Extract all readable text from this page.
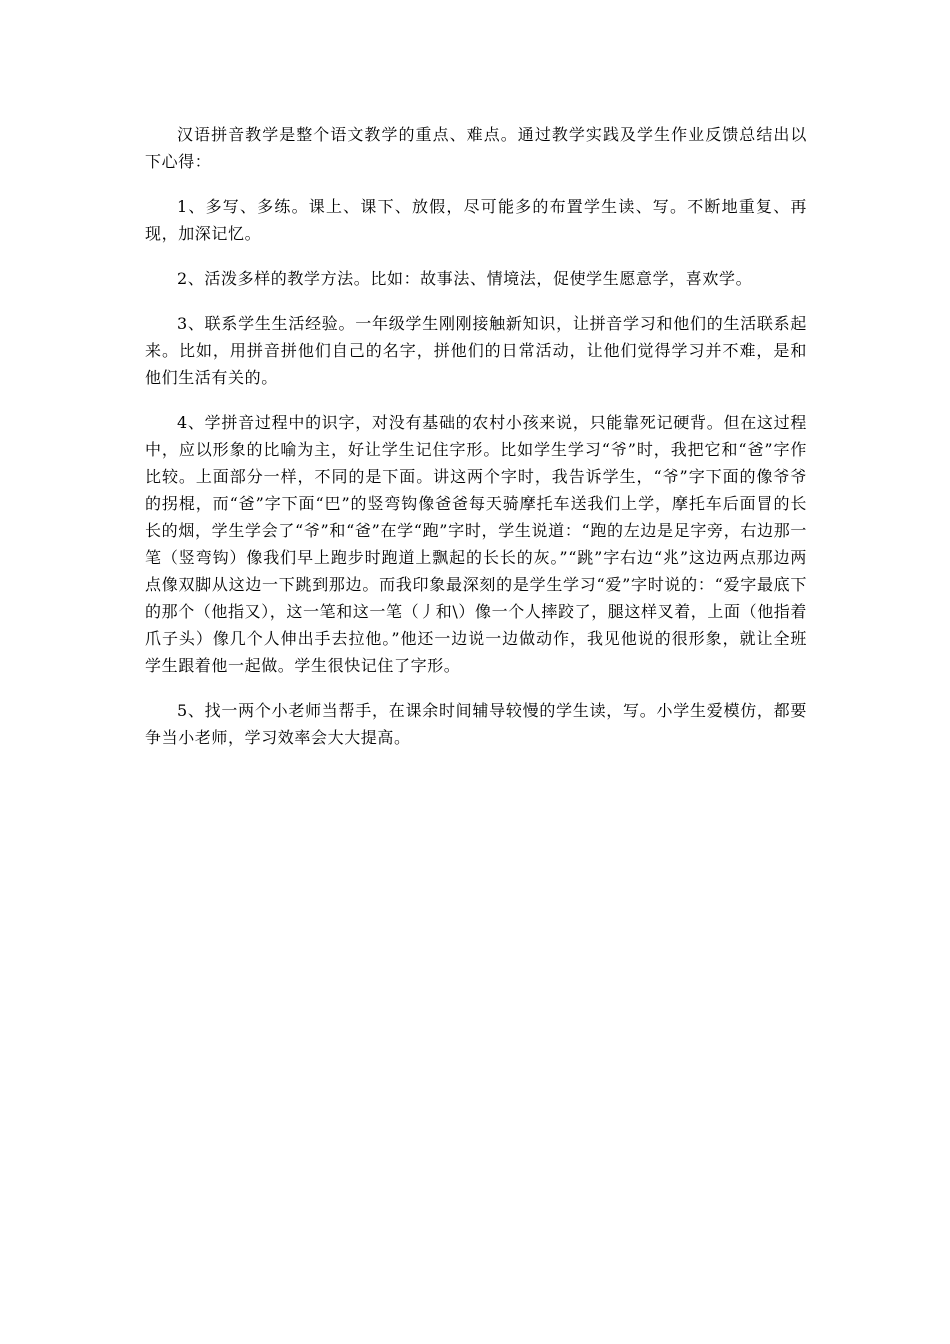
汉语拼音教学是整个语文教学的重点、难点。通过教学实践及学生作业反馈总结出以下心得：

1、多写、多练。课上、课下、放假，尽可能多的布置学生读、写。不断地重复、再现，加深记忆。

2、活泼多样的教学方法。比如：故事法、情境法，促使学生愿意学，喜欢学。

3、联系学生生活经验。一年级学生刚刚接触新知识，让拼音学习和他们的生活联系起来。比如，用拼音拼他们自己的名字，拼他们的日常活动，让他们觉得学习并不难，是和他们生活有关的。

4、学拼音过程中的识字，对没有基础的农村小孩来说，只能靠死记硬背。但在这过程中，应以形象的比喻为主，好让学生记住字形。比如学生学习“爷”时，我把它和“爸”字作比较。上面部分一样，不同的是下面。讲这两个字时，我告诉学生，“爷”字下面的像爷爷的拐棍，而“爸”字下面“巴”的竖弯钩像爸爸每天骑摩托车送我们上学，摩托车后面冒的长长的烟，学生学会了“爷”和“爸”在学“跑”字时，学生说道：“跑的左边是足字旁，右边那一笔（竖弯钩）像我们早上跑步时跑道上飘起的长长的灰。”“跳”字右边“兆”这边两点那边两点像双脚从这边一下跳到那边。而我印象最深刻的是学生学习“爱”字时说的：“爱字最底下的那个（他指又），这一笔和这一笔（丿和\）像一个人摔跤了，腿这样叉着，上面（他指着爪子头）像几个人伸出手去拉他。”他还一边说一边做动作，我见他说的很形象，就让全班学生跟着他一起做。学生很快记住了字形。

5、找一两个小老师当帮手，在课余时间辅导较慢的学生读，写。小学生爱模仿，都要争当小老师，学习效率会大大提高。
